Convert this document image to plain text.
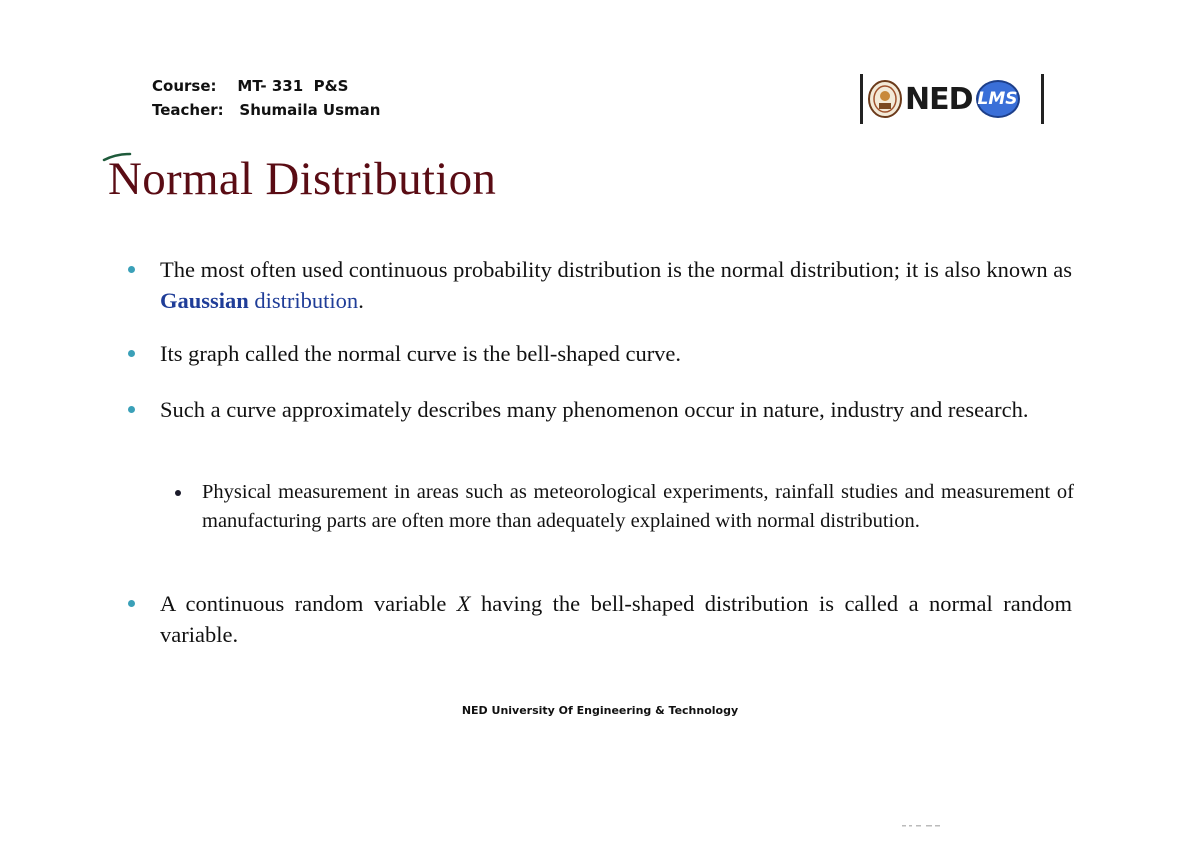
Course: MT- 331  P&S
Teacher: Shumaila Usman	NED LMS
Normal Distribution
The most often used continuous probability distribution is the normal distribution; it is also known as Gaussian distribution.
Its graph called the normal curve is the bell-shaped curve.
Such a curve approximately describes many phenomenon occur in nature, industry and research.
Physical measurement in areas such as meteorological experiments, rainfall studies and measurement of manufacturing parts are often more than adequately explained with normal distribution.
A continuous random variable X having the bell-shaped distribution is called a normal random variable.
NED University Of Engineering & Technology
